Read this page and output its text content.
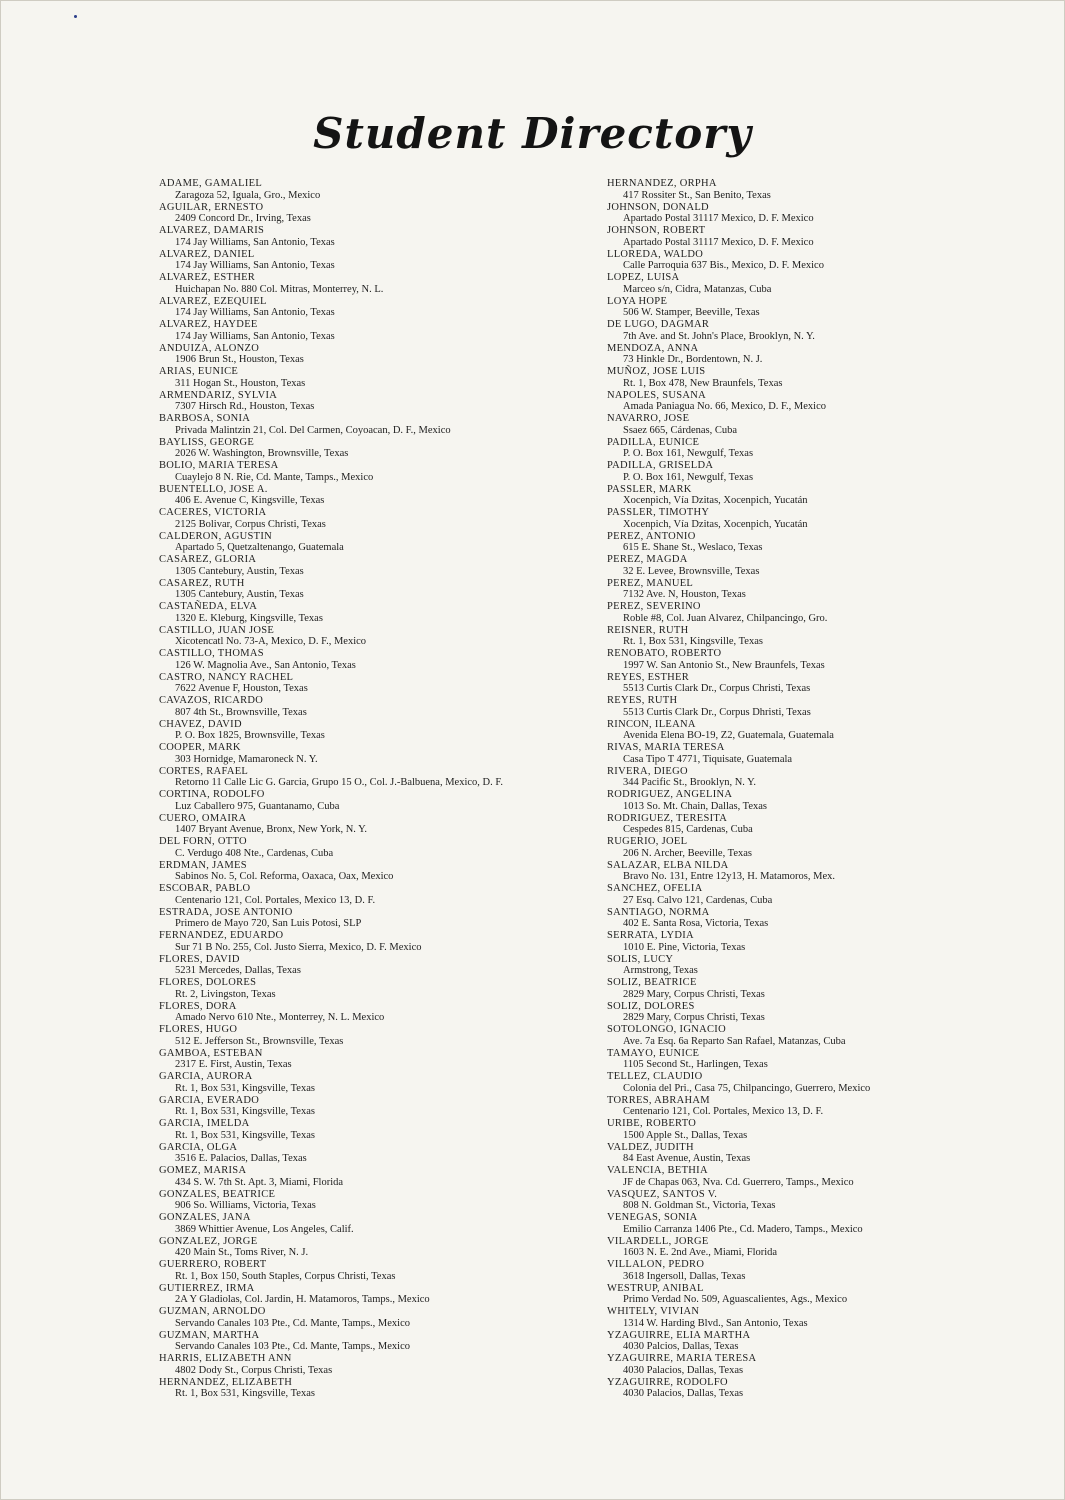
Student Directory
ADAME, GAMALIEL
Zaragoza 52, Iguala, Gro., Mexico
AGUILAR, ERNESTO
2409 Concord Dr., Irving, Texas
ALVAREZ, DAMARIS
174 Jay Williams, San Antonio, Texas
ALVAREZ, DANIEL
174 Jay Williams, San Antonio, Texas
ALVAREZ, ESTHER
Huichapan No. 880 Col. Mitras, Monterrey, N. L.
ALVAREZ, EZEQUIEL
174 Jay Williams, San Antonio, Texas
ALVAREZ, HAYDEE
174 Jay Williams, San Antonio, Texas
ANDUIZA, ALONZO
1906 Brun St., Houston, Texas
ARIAS, EUNICE
311 Hogan St., Houston, Texas
ARMENDARIZ, SYLVIA
7307 Hirsch Rd., Houston, Texas
BARBOSA, SONIA
Privada Malintzin 21, Col. Del Carmen, Coyoacan, D. F., Mexico
BAYLISS, GEORGE
2026 W. Washington, Brownsville, Texas
BOLIO, MARIA TERESA
Cuaylejo 8 N. Rie, Cd. Mante, Tamps., Mexico
BUENTELLO, JOSE A.
406 E. Avenue C, Kingsville, Texas
CACERES, VICTORIA
2125 Bolivar, Corpus Christi, Texas
CALDERON, AGUSTIN
Apartado 5, Quetzaltenango, Guatemala
CASAREZ, GLORIA
1305 Cantebury, Austin, Texas
CASAREZ, RUTH
1305 Cantebury, Austin, Texas
CASTAÑEDA, ELVA
1320 E. Kleburg, Kingsville, Texas
CASTILLO, JUAN JOSE
Xicotencatl No. 73-A, Mexico, D. F., Mexico
CASTILLO, THOMAS
126 W. Magnolia Ave., San Antonio, Texas
CASTRO, NANCY RACHEL
7622 Avenue F, Houston, Texas
CAVAZOS, RICARDO
807 4th St., Brownsville, Texas
CHAVEZ, DAVID
P. O. Box 1825, Brownsville, Texas
COOPER, MARK
303 Hornidge, Mamaroneck N. Y.
CORTES, RAFAEL
Retorno 11 Calle Lic G. Garcia, Grupo 15 O., Col. J.-Balbuena, Mexico, D. F.
CORTINA, RODOLFO
Luz Caballero 975, Guantanamo, Cuba
CUERO, OMAIRA
1407 Bryant Avenue, Bronx, New York, N. Y.
DEL FORN, OTTO
C. Verdugo 408 Nte., Cardenas, Cuba
ERDMAN, JAMES
Sabinos No. 5, Col. Reforma, Oaxaca, Oax, Mexico
ESCOBAR, PABLO
Centenario 121, Col. Portales, Mexico 13, D. F.
ESTRADA, JOSE ANTONIO
Primero de Mayo 720, San Luis Potosi, SLP
FERNANDEZ, EDUARDO
Sur 71 B No. 255, Col. Justo Sierra, Mexico, D. F. Mexico
FLORES, DAVID
5231 Mercedes, Dallas, Texas
FLORES, DOLORES
Rt. 2, Livingston, Texas
FLORES, DORA
Amado Nervo 610 Nte., Monterrey, N. L. Mexico
FLORES, HUGO
512 E. Jefferson St., Brownsville, Texas
GAMBOA, ESTEBAN
2317 E. First, Austin, Texas
GARCIA, AURORA
Rt. 1, Box 531, Kingsville, Texas
GARCIA, EVERADO
Rt. 1, Box 531, Kingsville, Texas
GARCIA, IMELDA
Rt. 1, Box 531, Kingsville, Texas
GARCIA, OLGA
3516 E. Palacios, Dallas, Texas
GOMEZ, MARISA
434 S. W. 7th St. Apt. 3, Miami, Florida
GONZALES, BEATRICE
906 So. Williams, Victoria, Texas
GONZALES, JANA
3869 Whittier Avenue, Los Angeles, Calif.
GONZALEZ, JORGE
420 Main St., Toms River, N. J.
GUERRERO, ROBERT
Rt. 1, Box 150, South Staples, Corpus Christi, Texas
GUTIERREZ, IRMA
2A Y Gladiolas, Col. Jardin, H. Matamoros, Tamps., Mexico
GUZMAN, ARNOLDO
Servando Canales 103 Pte., Cd. Mante, Tamps., Mexico
GUZMAN, MARTHA
Servando Canales 103 Pte., Cd. Mante, Tamps., Mexico
HARRIS, ELIZABETH ANN
4802 Dody St., Corpus Christi, Texas
HERNANDEZ, ELIZABETH
Rt. 1, Box 531, Kingsville, Texas
HERNANDEZ, ORPHA
417 Rossiter St., San Benito, Texas
JOHNSON, DONALD
Apartado Postal 31117 Mexico, D. F. Mexico
JOHNSON, ROBERT
Apartado Postal 31117 Mexico, D. F. Mexico
LLOREDA, WALDO
Calle Parroquia 637 Bis., Mexico, D. F. Mexico
LOPEZ, LUISA
Marceo s/n, Cidra, Matanzas, Cuba
LOYA HOPE
506 W. Stamper, Beeville, Texas
DE LUGO, DAGMAR
7th Ave. and St. John's Place, Brooklyn, N. Y.
MENDOZA, ANNA
73 Hinkle Dr., Bordentown, N. J.
MUÑOZ, JOSE LUIS
Rt. 1, Box 478, New Braunfels, Texas
NAPOLES, SUSANA
Amada Paniagua No. 66, Mexico, D. F., Mexico
NAVARRO, JOSE
Ssaez 665, Cárdenas, Cuba
PADILLA, EUNICE
P. O. Box 161, Newgulf, Texas
PADILLA, GRISELDA
P. O. Box 161, Newgulf, Texas
PASSLER, MARK
Xocenpich, Vía Dzitas, Xocenpich, Yucatán
PASSLER, TIMOTHY
Xocenpich, Vía Dzitas, Xocenpich, Yucatán
PEREZ, ANTONIO
615 E. Shane St., Weslaco, Texas
PEREZ, MAGDA
32 E. Levee, Brownsville, Texas
PEREZ, MANUEL
7132 Ave. N, Houston, Texas
PEREZ, SEVERINO
Roble #8, Col. Juan Alvarez, Chilpancingo, Gro.
REISNER, RUTH
Rt. 1, Box 531, Kingsville, Texas
RENOBATO, ROBERTO
1997 W. San Antonio St., New Braunfels, Texas
REYES, ESTHER
5513 Curtis Clark Dr., Corpus Christi, Texas
REYES, RUTH
5513 Curtis Clark Dr., Corpus Dhristi, Texas
RINCON, ILEANA
Avenida Elena BO-19, Z2, Guatemala, Guatemala
RIVAS, MARIA TERESA
Casa Tipo T 4771, Tiquisate, Guatemala
RIVERA, DIEGO
344 Pacific St., Brooklyn, N. Y.
RODRIGUEZ, ANGELINA
1013 So. Mt. Chain, Dallas, Texas
RODRIGUEZ, TERESITA
Cespedes 815, Cardenas, Cuba
RUGERIO, JOEL
206 N. Archer, Beeville, Texas
SALAZAR, ELBA NILDA
Bravo No. 131, Entre 12y13, H. Matamoros, Mex.
SANCHEZ, OFELIA
27 Esq. Calvo 121, Cardenas, Cuba
SANTIAGO, NORMA
402 E. Santa Rosa, Victoria, Texas
SERRATA, LYDIA
1010 E. Pine, Victoria, Texas
SOLIS, LUCY
Armstrong, Texas
SOLIZ, BEATRICE
2829 Mary, Corpus Christi, Texas
SOLIZ, DOLORES
2829 Mary, Corpus Christi, Texas
SOTOLONGO, IGNACIO
Ave. 7a Esq. 6a Reparto San Rafael, Matanzas, Cuba
TAMAYO, EUNICE
1105 Second St., Harlingen, Texas
TELLEZ, CLAUDIO
Colonia del Pri., Casa 75, Chilpancingo, Guerrero, Mexico
TORRES, ABRAHAM
Centenario 121, Col. Portales, Mexico 13, D. F.
URIBE, ROBERTO
1500 Apple St., Dallas, Texas
VALDEZ, JUDITH
84 East Avenue, Austin, Texas
VALENCIA, BETHIA
JF de Chapas 063, Nva. Cd. Guerrero, Tamps., Mexico
VASQUEZ, SANTOS V.
808 N. Goldman St., Victoria, Texas
VENEGAS, SONIA
Emilio Carranza 1406 Pte., Cd. Madero, Tamps., Mexico
VILARDELL, JORGE
1603 N. E. 2nd Ave., Miami, Florida
VILLALON, PEDRO
3618 Ingersoll, Dallas, Texas
WESTRUP, ANIBAL
Primo Verdad No. 509, Aguascalientes, Ags., Mexico
WHITELY, VIVIAN
1314 W. Harding Blvd., San Antonio, Texas
YZAGUIRRE, ELIA MARTHA
4030 Palcios, Dallas, Texas
YZAGUIRRE, MARIA TERESA
4030 Palacios, Dallas, Texas
YZAGUIRRE, RODOLFO
4030 Palacios, Dallas, Texas
